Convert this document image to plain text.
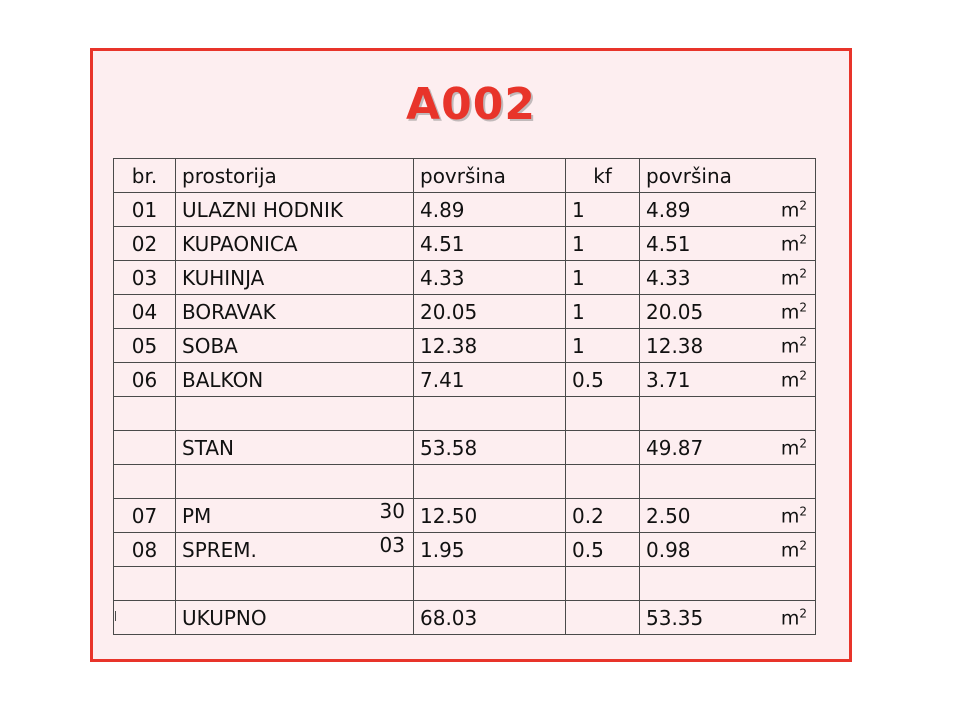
A002
br.	prostorija	površina	kf	površina
01	ULAZNI HODNIK	4.89	1	4.89 $m^2$

02	KUPAONICA	4.51	1	4.51 $m^2$

03	KUHINJA	4.33	1	4.33 $m^2$

04	BORAVAK	20.05	1	20.05 $m^2$

05	SOBA	12.38	1	12.38 $m^2$

06	BALKON	7.41	0.5	3.71 $m^2$

	STAN	53.58		49.87 $m^2$

07	PM 30	12.50	0.2	2.50 $m^2$

08	SPREM. 03	1.95	0.5	0.98 $m^2$

	UKUPNO	68.03		53.35 $m^2$
